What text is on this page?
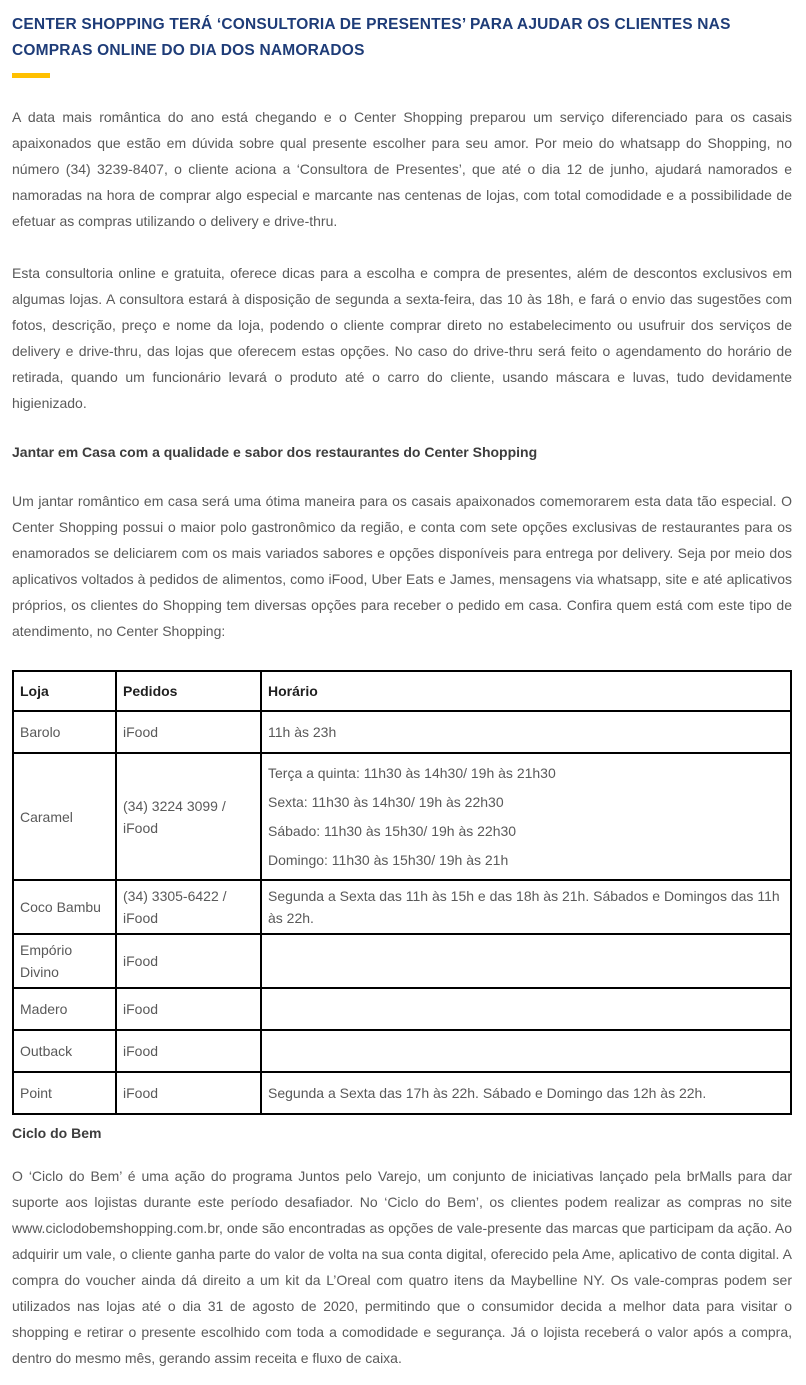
CENTER SHOPPING TERÁ ‘CONSULTORIA DE PRESENTES’ PARA AJUDAR OS CLIENTES NAS COMPRAS ONLINE DO DIA DOS NAMORADOS

A data mais romântica do ano está chegando e o Center Shopping preparou um serviço diferenciado para os casais apaixonados que estão em dúvida sobre qual presente escolher para seu amor. Por meio do whatsapp do Shopping, no número (34) 3239-8407, o cliente aciona a ‘Consultora de Presentes’, que até o dia 12 de junho, ajudará namorados e namoradas na hora de comprar algo especial e marcante nas centenas de lojas, com total comodidade e a possibilidade de efetuar as compras utilizando o delivery e drive-thru.

Esta consultoria online e gratuita, oferece dicas para a escolha e compra de presentes, além de descontos exclusivos em algumas lojas. A consultora estará à disposição de segunda a sexta-feira, das 10 às 18h, e fará o envio das sugestões com fotos, descrição, preço e nome da loja, podendo o cliente comprar direto no estabelecimento ou usufruir dos serviços de delivery e drive-thru, das lojas que oferecem estas opções. No caso do drive-thru será feito o agendamento do horário de retirada, quando um funcionário levará o produto até o carro do cliente, usando máscara e luvas, tudo devidamente higienizado.

Jantar em Casa com a qualidade e sabor dos restaurantes do Center Shopping

Um jantar romântico em casa será uma ótima maneira para os casais apaixonados comemorarem esta data tão especial. O Center Shopping possui o maior polo gastronômico da região, e conta com sete opções exclusivas de restaurantes para os enamorados se deliciarem com os mais variados sabores e opções disponíveis para entrega por delivery. Seja por meio dos aplicativos voltados à pedidos de alimentos, como iFood, Uber Eats e James, mensagens via whatsapp, site e até aplicativos próprios, os clientes do Shopping tem diversas opções para receber o pedido em casa. Confira quem está com este tipo de atendimento, no Center Shopping:

Loja	Pedidos	Horário
Barolo	iFood	11h às 23h
Caramel	(34) 3224 3099 / iFood	Terça a quinta: 11h30 às 14h30/ 19h às 21h30

Sexta: 11h30 às 14h30/ 19h às 22h30

Sábado: 11h30 às 15h30/ 19h às 22h30

Domingo: 11h30 às 15h30/ 19h às 21h

Coco Bambu	(34) 3305-6422 / iFood	Segunda a Sexta das 11h às 15h e das 18h às 21h. Sábados e Domingos das 11h às 22h.
Empório Divino	iFood	
Madero	iFood	
Outback	iFood	
Point	iFood	Segunda a Sexta das 17h às 22h. Sábado e Domingo das 12h às 22h.
Ciclo do Bem

O ‘Ciclo do Bem’ é uma ação do programa Juntos pelo Varejo, um conjunto de iniciativas lançado pela brMalls para dar suporte aos lojistas durante este período desafiador. No ‘Ciclo do Bem’, os clientes podem realizar as compras no site www.ciclodobemshopping.com.br, onde são encontradas as opções de vale-presente das marcas que participam da ação. Ao adquirir um vale, o cliente ganha parte do valor de volta na sua conta digital, oferecido pela Ame, aplicativo de conta digital. A compra do voucher ainda dá direito a um kit da L’Oreal com quatro itens da Maybelline NY. Os vale-compras podem ser utilizados nas lojas até o dia 31 de agosto de 2020, permitindo que o consumidor decida a melhor data para visitar o shopping e retirar o presente escolhido com toda a comodidade e segurança. Já o lojista receberá o valor após a compra, dentro do mesmo mês, gerando assim receita e fluxo de caixa.
